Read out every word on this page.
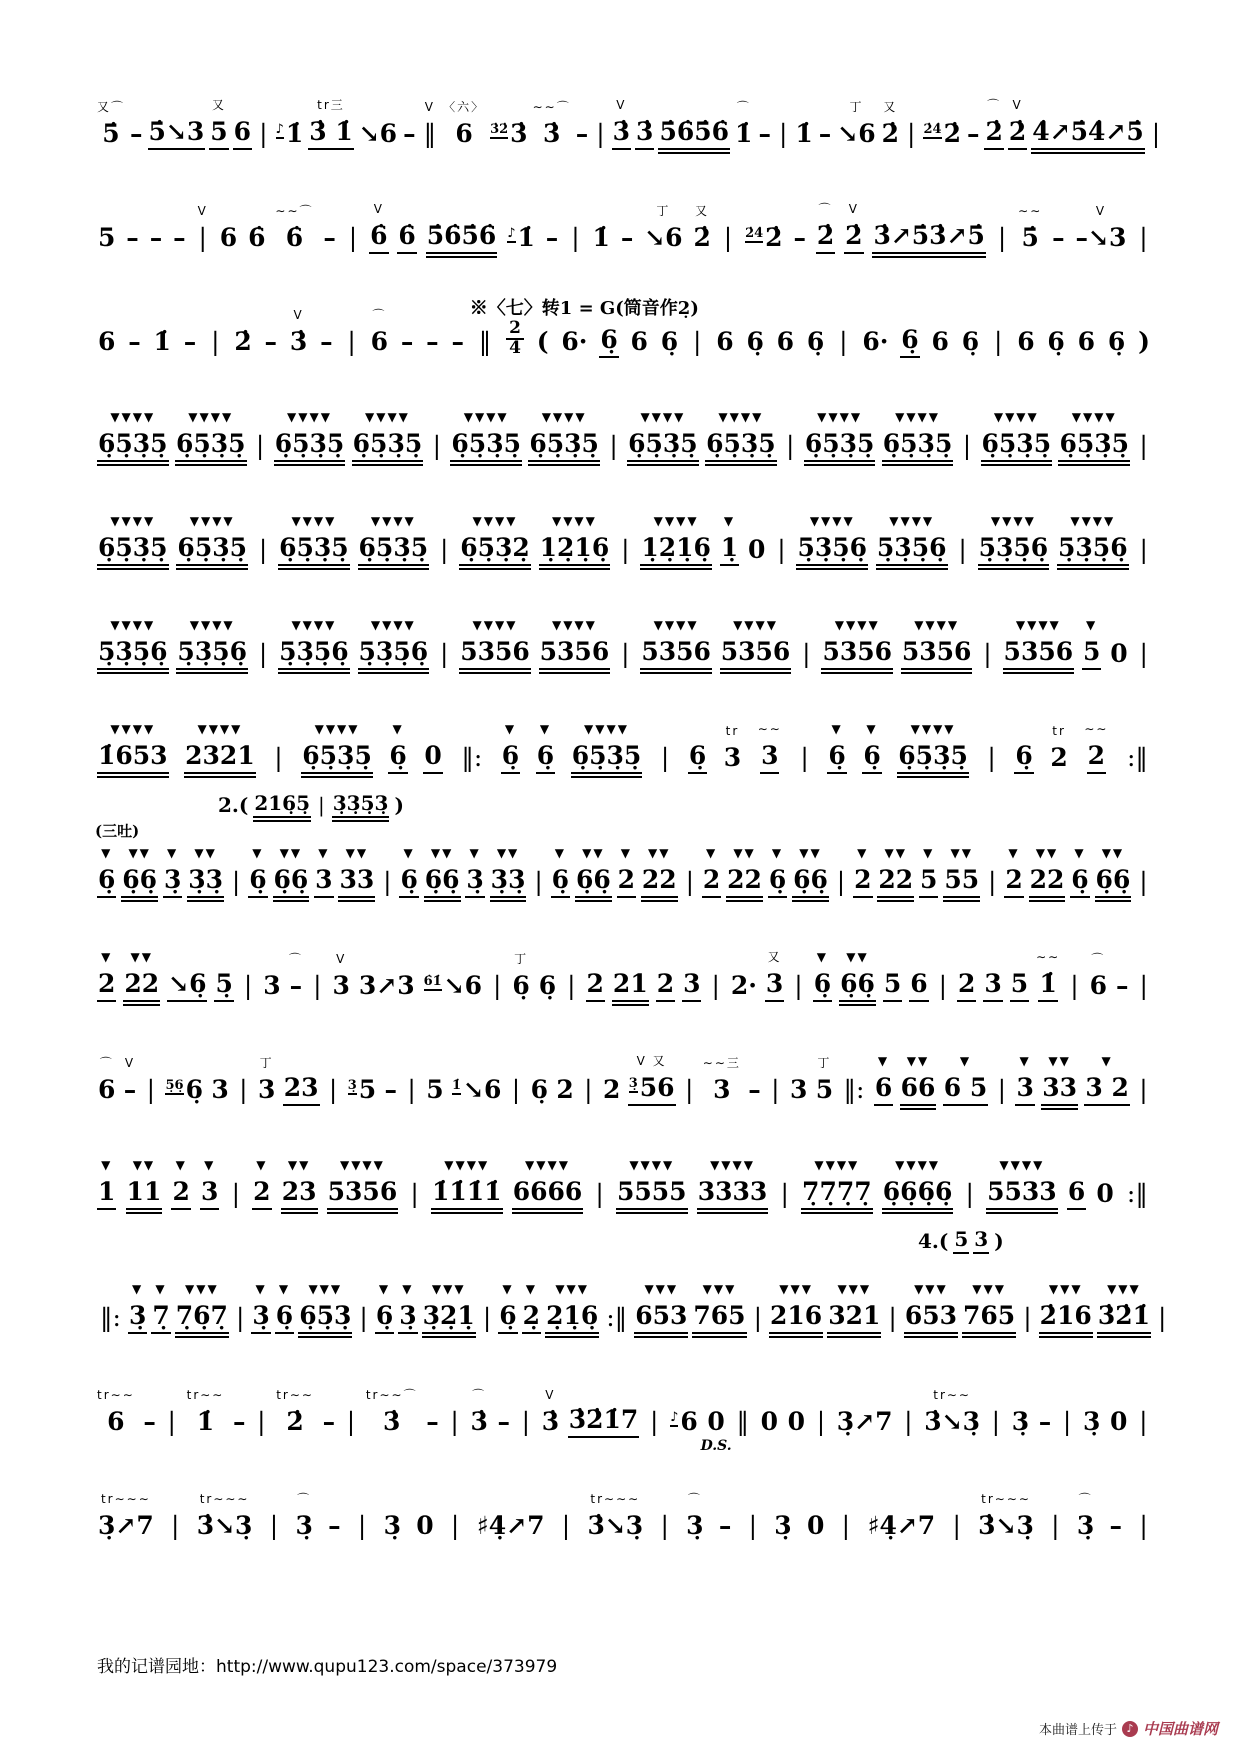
又⌒
5̇ – 5̇↘3
又
5 6 | ♪1̇
tr三
3̇ 1̇ ↘6 –
V
‖
〈六〉
6 $^{3̇2̇}$3̇
∼∼⌒
3̇ – |
V
3̇ 3̇ 5̇6̇5̇6̇
⌒
1̇ – | 1̇ –
丁
↘6
又
2̇ | $^{2̇4̇}$2̇ –
⌒
2̇
V
2̇ 4̇↗5̇4̇↗5̇ |
5 – – –
V
| 6 6̇
∼∼⌒
6̇ – |
V
6̇ 6̇ 5̇6̇5̇6̇ ♪1̇ – | 1̇ –
丁
↘6
又
2̇ | $^{2̇4̇}$2̇ –
⌒
2̇
V
2̇ 3̇↗5̇3̇↗5̇ |
∼∼
5̇ –
V
–↘3 |
6 – 1̇ – | 2̇ –
V
3̇ – |
⌒
6 – – –
※〈七〉转1 = G(筒音作2̣)
‖ $\frac{2}{4}$ ( 6· 6̣ 6 6̣ | 6 6̣ 6 6̣ | 6· 6̣ 6 6̣ | 6 6̣ 6 6̣ )
▼▼▼▼
6̣5̣3̣5̣
▼▼▼▼
6̣5̣3̣5̣ |
▼▼▼▼
6̣5̣3̣5̣
▼▼▼▼
6̣5̣3̣5̣ |
▼▼▼▼
6̣5̣3̣5̣
▼▼▼▼
6̣5̣3̣5̣ |
▼▼▼▼
6̣5̣3̣5̣
▼▼▼▼
6̣5̣3̣5̣ |
▼▼▼▼
6̣5̣3̣5̣
▼▼▼▼
6̣5̣3̣5̣ |
▼▼▼▼
6̣5̣3̣5̣
▼▼▼▼
6̣5̣3̣5̣ |
▼▼▼▼
6̣5̣3̣5̣
▼▼▼▼
6̣5̣3̣5̣ |
▼▼▼▼
6̣5̣3̣5̣
▼▼▼▼
6̣5̣3̣5̣ |
▼▼▼▼
6̣5̣3̣2̣
▼▼▼▼
1̣2̣1̣6̣ |
▼▼▼▼
1̣2̣1̣6̣
▼
1̣ 0 |
▼▼▼▼
5̣3̣5̣6̣
▼▼▼▼
5̣3̣5̣6̣ |
▼▼▼▼
5̣3̣5̣6̣
▼▼▼▼
5̣3̣5̣6̣ |
▼▼▼▼
5̣3̣5̣6̣
▼▼▼▼
5̣3̣5̣6̣ |
▼▼▼▼
5̣3̣5̣6̣
▼▼▼▼
5̣3̣5̣6̣ |
▼▼▼▼
5356
▼▼▼▼
5356 |
▼▼▼▼
5356
▼▼▼▼
5356 |
▼▼▼▼
5356
▼▼▼▼
5356 |
▼▼▼▼
5356
▼
5 0 |
▼▼▼▼
1̇653
▼▼▼▼
2321 |
▼▼▼▼
6̣5̣3̣5̣
▼
6̣ 0 ‖:
▼
6̣
▼
6̣
▼▼▼▼
6̣5̣3̣5̣ | 6̣
tr
3
∼∼
3 |
▼
6̣
▼
6̣
▼▼▼▼
6̣5̣3̣5̣ | 6̣
tr
2
∼∼
2 :‖
2.( 216̣5̣ | 3̣3̣5̣3̣ )
▼
6̣
▼▼
6̣6̣
▼
3̣
▼▼
3̣3̣ |
▼
6̣
▼▼
6̣6̣
▼
3
▼▼
33 |
▼
6̣
▼▼
6̣6̣
▼
3̣
▼▼
3̣3̣ |
▼
6̣
▼▼
6̣6̣
▼
2
▼▼
22 |
▼
2
▼▼
22
▼
6̣
▼▼
6̣6̣ |
▼
2
▼▼
22
▼
5
▼▼
55 |
▼
2
▼▼
22
▼
6̣
▼▼
6̣6̣ |
(三吐)
▼
2
▼▼
22 ↘6̣ 5̣ | 3
⌒
– |
V
3 3↗3 $^{6̇1̇}$↘6 |
丁
6̣ 6̣ | 2 21 2 3 | 2·
又
3 |
▼
6̣
▼▼
6̣6̣ 5 6 | 2 3 5
∼∼
1̇ |
⌒
6 – |
⌒
6
V
– | $^{5̣6̣}$6̣ 3 |
丁
3 23 | $^{3̣}$5 – | 5 $^{1̇}$↘6 | 6̣ 2 | 2
V 又
$^{3̣}$56 |
∼∼三
3 – | 3
丁
5 ‖:
▼
6
▼▼
66
▼
6 5 |
▼
3
▼▼
33
▼
3 2 |
▼
1
▼▼
11
▼
2
▼
3 |
▼
2
▼▼
23
▼▼▼▼
5356 |
▼▼▼▼
1̇1̇1̇1̇
▼▼▼▼
6666 |
▼▼▼▼
5555
▼▼▼▼
3333 |
▼▼▼▼
7̣7̣7̣7̣
▼▼▼▼
6̣6̣6̣6̣ |
▼▼▼▼
5533 6 0 :‖
4.( 5 3 )
‖:
▼
3̣
▼
7̣
▼▼▼
7̣6̣7̣ |
▼
3̣
▼
6̣
▼▼▼
6̣5̣3̣ |
▼
6̣
▼
3̣
▼▼▼
3̣2̣1̣ |
▼
6̣
▼
2̣
▼▼▼
2̣1̣6̣ :‖
▼▼▼
653
▼▼▼
765 |
▼▼▼
216
▼▼▼
321 |
▼▼▼
653
▼▼▼
765 |
▼▼▼
2̇16
▼▼▼
3̇2̇1̇ |
tr∼∼
6 – |
tr∼∼
1̇ – |
tr∼∼
2̇ – |
tr∼∼⌒
3̇ – |
⌒
3̇ – |
V
3̇ 3̇2̇1̇7 | ♪6 0
D.S.
‖ 0 0 | 3̣↗7 |
tr∼∼
3̇↘3̣ | 3̣ – | 3̣ 0 |
tr∼∼∼
3̣↗7 |
tr∼∼∼
3̇↘3̣ |
⌒
3̣ – | 3̣ 0 | ♯4̣↗7 |
tr∼∼∼
3̇↘3̣ |
⌒
3̣ – | 3̣ 0 | ♯4̣↗7 |
tr∼∼∼
3̇↘3̣ |
⌒
3̣ – |
我的记谱园地：http://www.qupu123.com/space/373979
本曲谱上传于 ♪ 中国曲谱网
